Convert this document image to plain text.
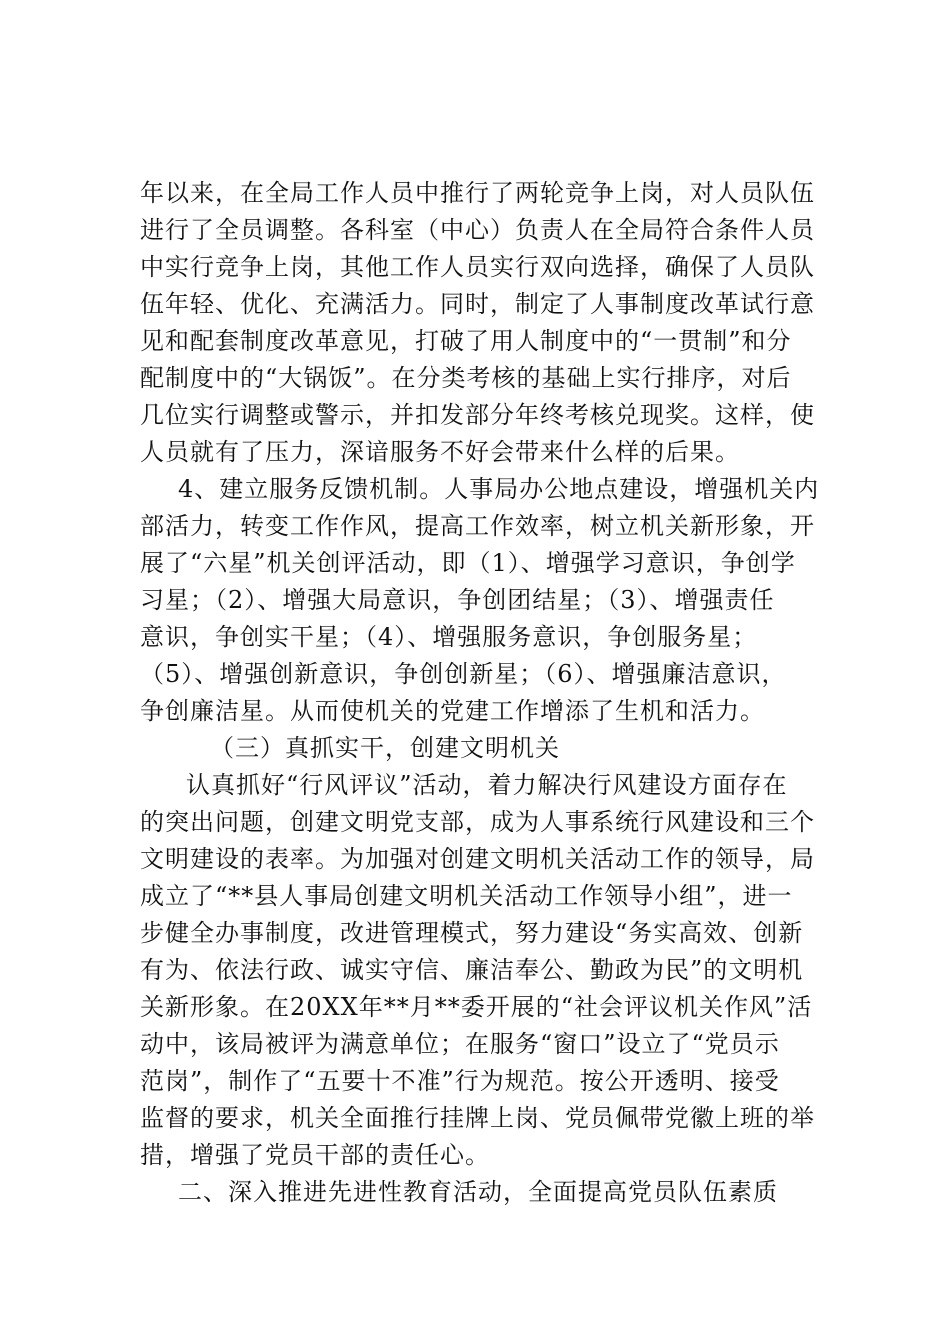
年以来，在全局工作人员中推行了两轮竞争上岗，对人员队伍
进行了全员调整。各科室（中心）负责人在全局符合条件人员
中实行竞争上岗，其他工作人员实行双向选择，确保了人员队
伍年轻、优化、充满活力。同时，制定了人事制度改革试行意
见和配套制度改革意见，打破了用人制度中的“一贯制”和分
配制度中的“大锅饭”。在分类考核的基础上实行排序，对后
几位实行调整或警示，并扣发部分年终考核兑现奖。这样，使
人员就有了压力，深谙服务不好会带来什么样的后果。
4、建立服务反馈机制。人事局办公地点建设，增强机关内
部活力，转变工作作风，提高工作效率，树立机关新形象，开
展了“六星”机关创评活动，即（1）、增强学习意识，争创学
习星；（2）、增强大局意识，争创团结星；（3）、增强责任
意识，争创实干星；（4）、增强服务意识，争创服务星；
（5）、增强创新意识，争创创新星；（6）、增强廉洁意识，
争创廉洁星。从而使机关的党建工作增添了生机和活力。
（三）真抓实干，创建文明机关
认真抓好“行风评议”活动，着力解决行风建设方面存在
的突出问题，创建文明党支部，成为人事系统行风建设和三个
文明建设的表率。为加强对创建文明机关活动工作的领导，局
成立了“**县人事局创建文明机关活动工作领导小组”，进一
步健全办事制度，改进管理模式，努力建设“务实高效、创新
有为、依法行政、诚实守信、廉洁奉公、勤政为民”的文明机
关新形象。在20XX年**月**委开展的“社会评议机关作风”活
动中，该局被评为满意单位；在服务“窗口”设立了“党员示
范岗”，制作了“五要十不准”行为规范。按公开透明、接受
监督的要求，机关全面推行挂牌上岗、党员佩带党徽上班的举
措，增强了党员干部的责任心。
二、深入推进先进性教育活动，全面提高党员队伍素质
